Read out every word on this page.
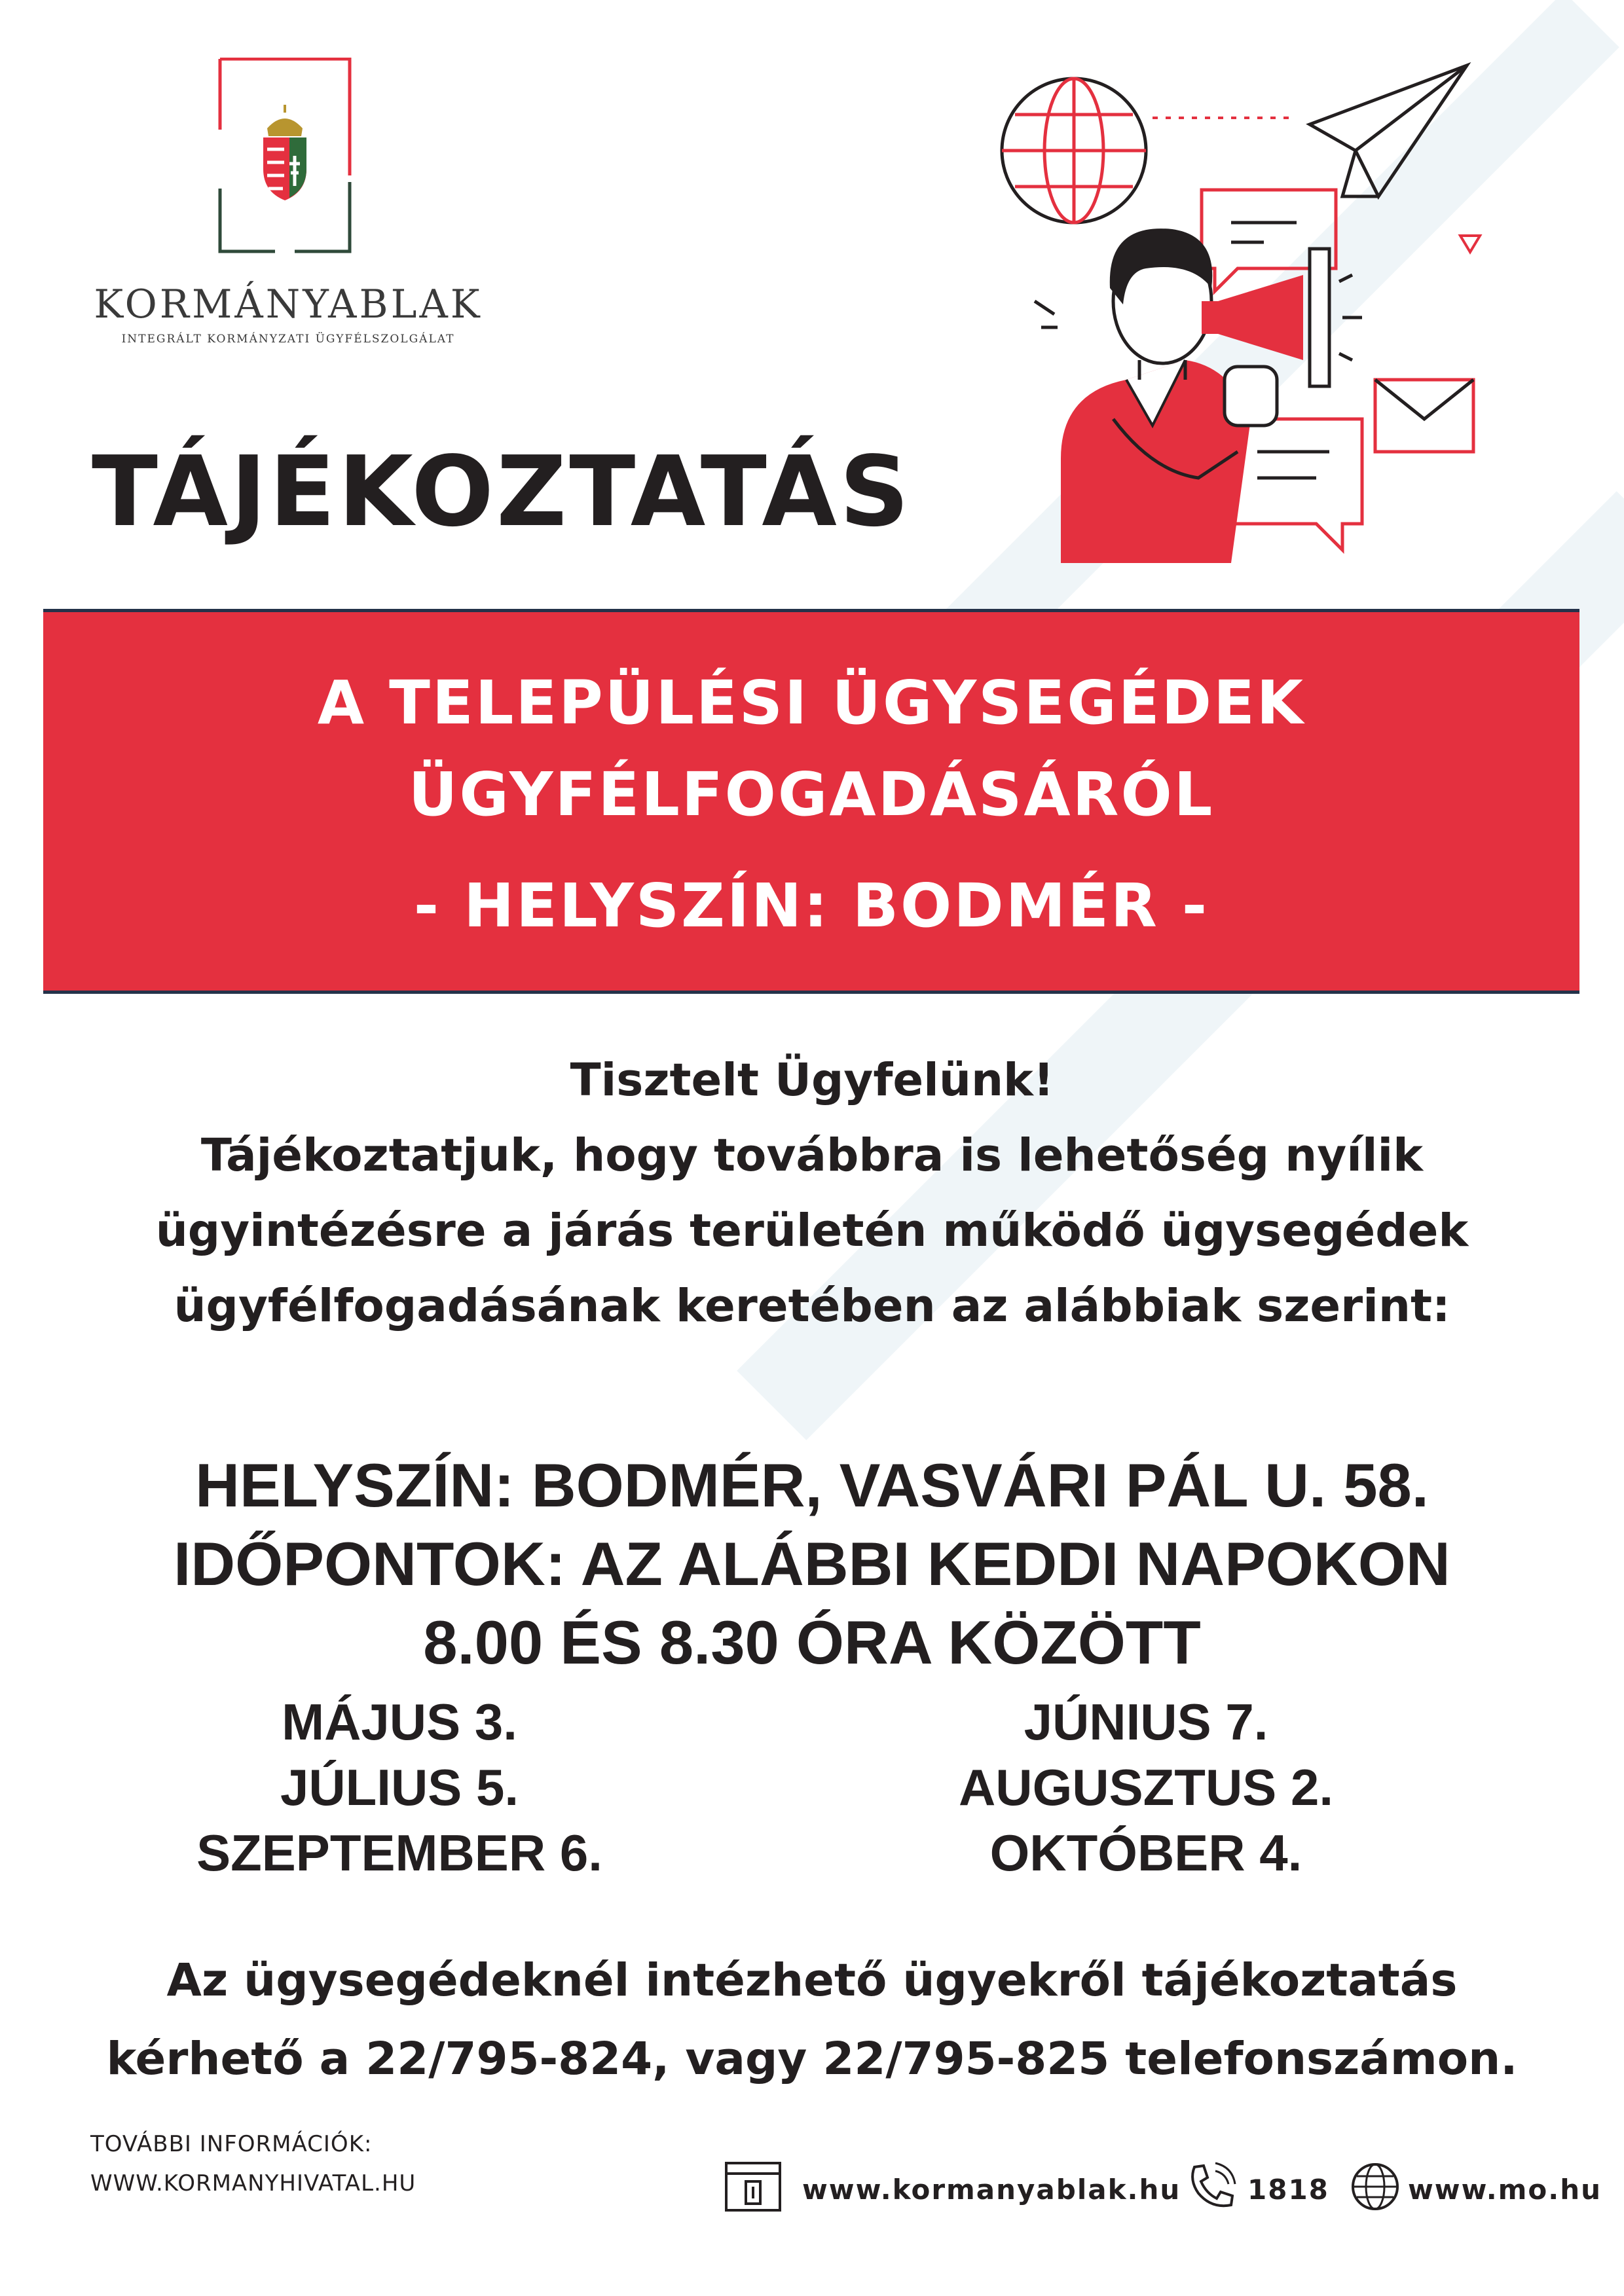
KORMÁNYABLAK
INTEGRÁLT KORMÁNYZATI ÜGYFÉLSZOLGÁLAT
TÁJÉKOZTATÁS
A TELEPÜLÉSI ÜGYSEGÉDEK
ÜGYFÉLFOGADÁSÁRÓL
- HELYSZÍN: BODMÉR -
Tisztelt Ügyfelünk!
Tájékoztatjuk, hogy továbbra is lehetőség nyílik
ügyintézésre a járás területén működő ügysegédek
ügyfélfogadásának keretében az alábbiak szerint:
HELYSZÍN: BODMÉR, VASVÁRI PÁL U. 58.
IDŐPONTOK: AZ ALÁBBI KEDDI NAPOKON
8.00 ÉS 8.30 ÓRA KÖZÖTT
MÁJUS 3.
JÚLIUS 5.
SZEPTEMBER 6.
JÚNIUS 7.
AUGUSZTUS 2.
OKTÓBER 4.
Az ügysegédeknél intézhető ügyekről tájékoztatás
kérhető a 22/795-824, vagy 22/795-825 telefonszámon.
TOVÁBBI INFORMÁCIÓK:
WWW.KORMANYHIVATAL.HU	www.kormanyablak.hu 1818	www.mo.hu
